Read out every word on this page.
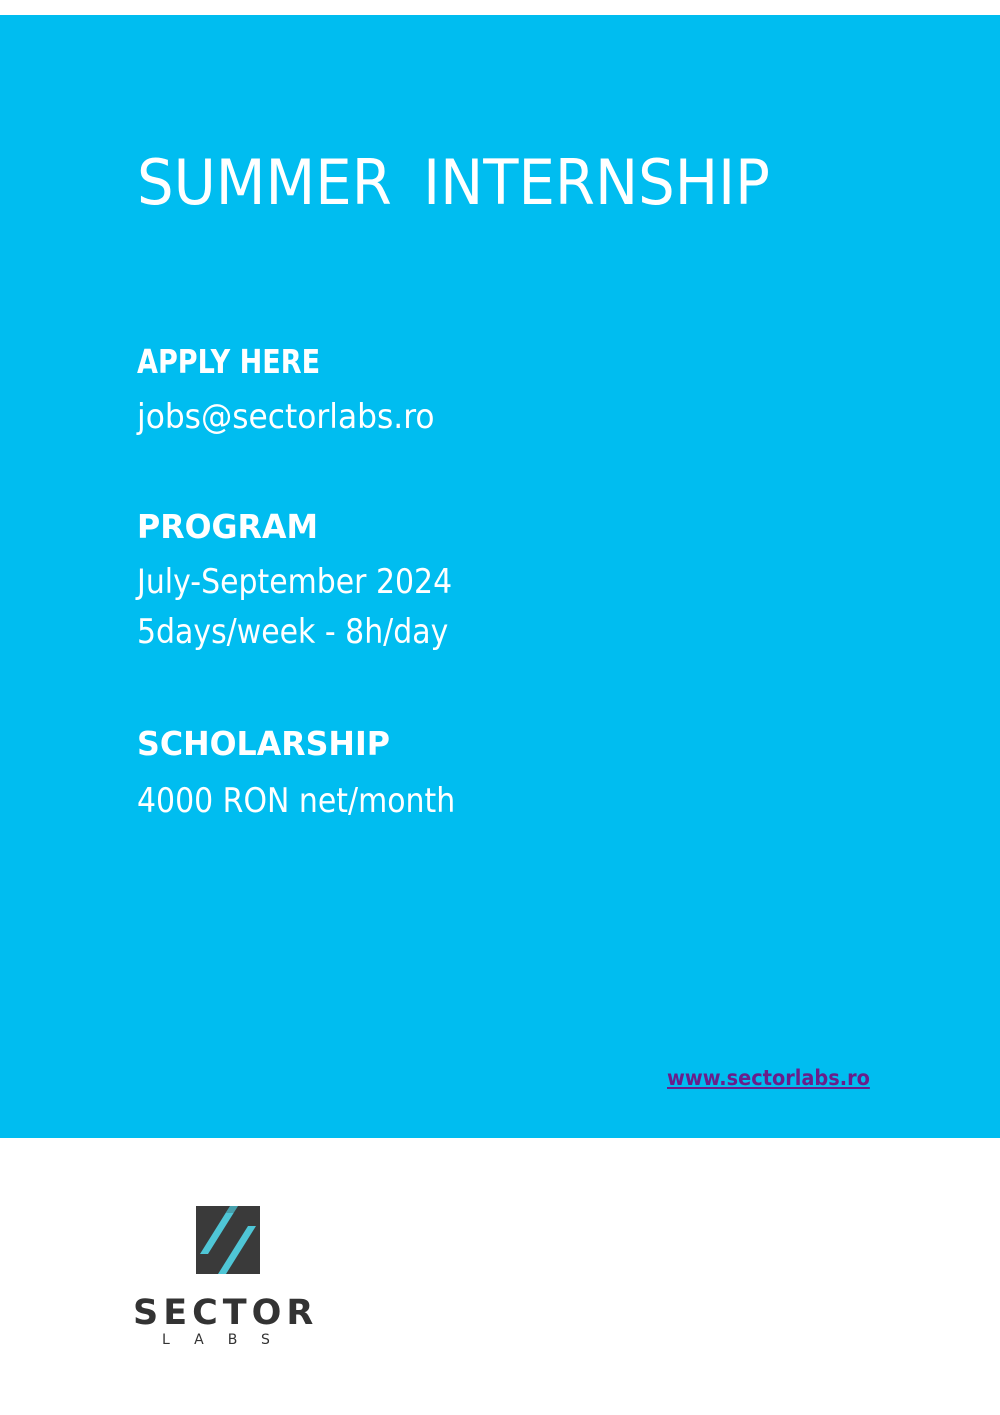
SUMMER INTERNSHIP

APPLY HERE

jobs@sectorlabs.ro

PROGRAM

July-September 2024

5days/week - 8h/day

SCHOLARSHIP

4000 RON net/month

www.sectorlabs.ro

SECTOR

LABS
